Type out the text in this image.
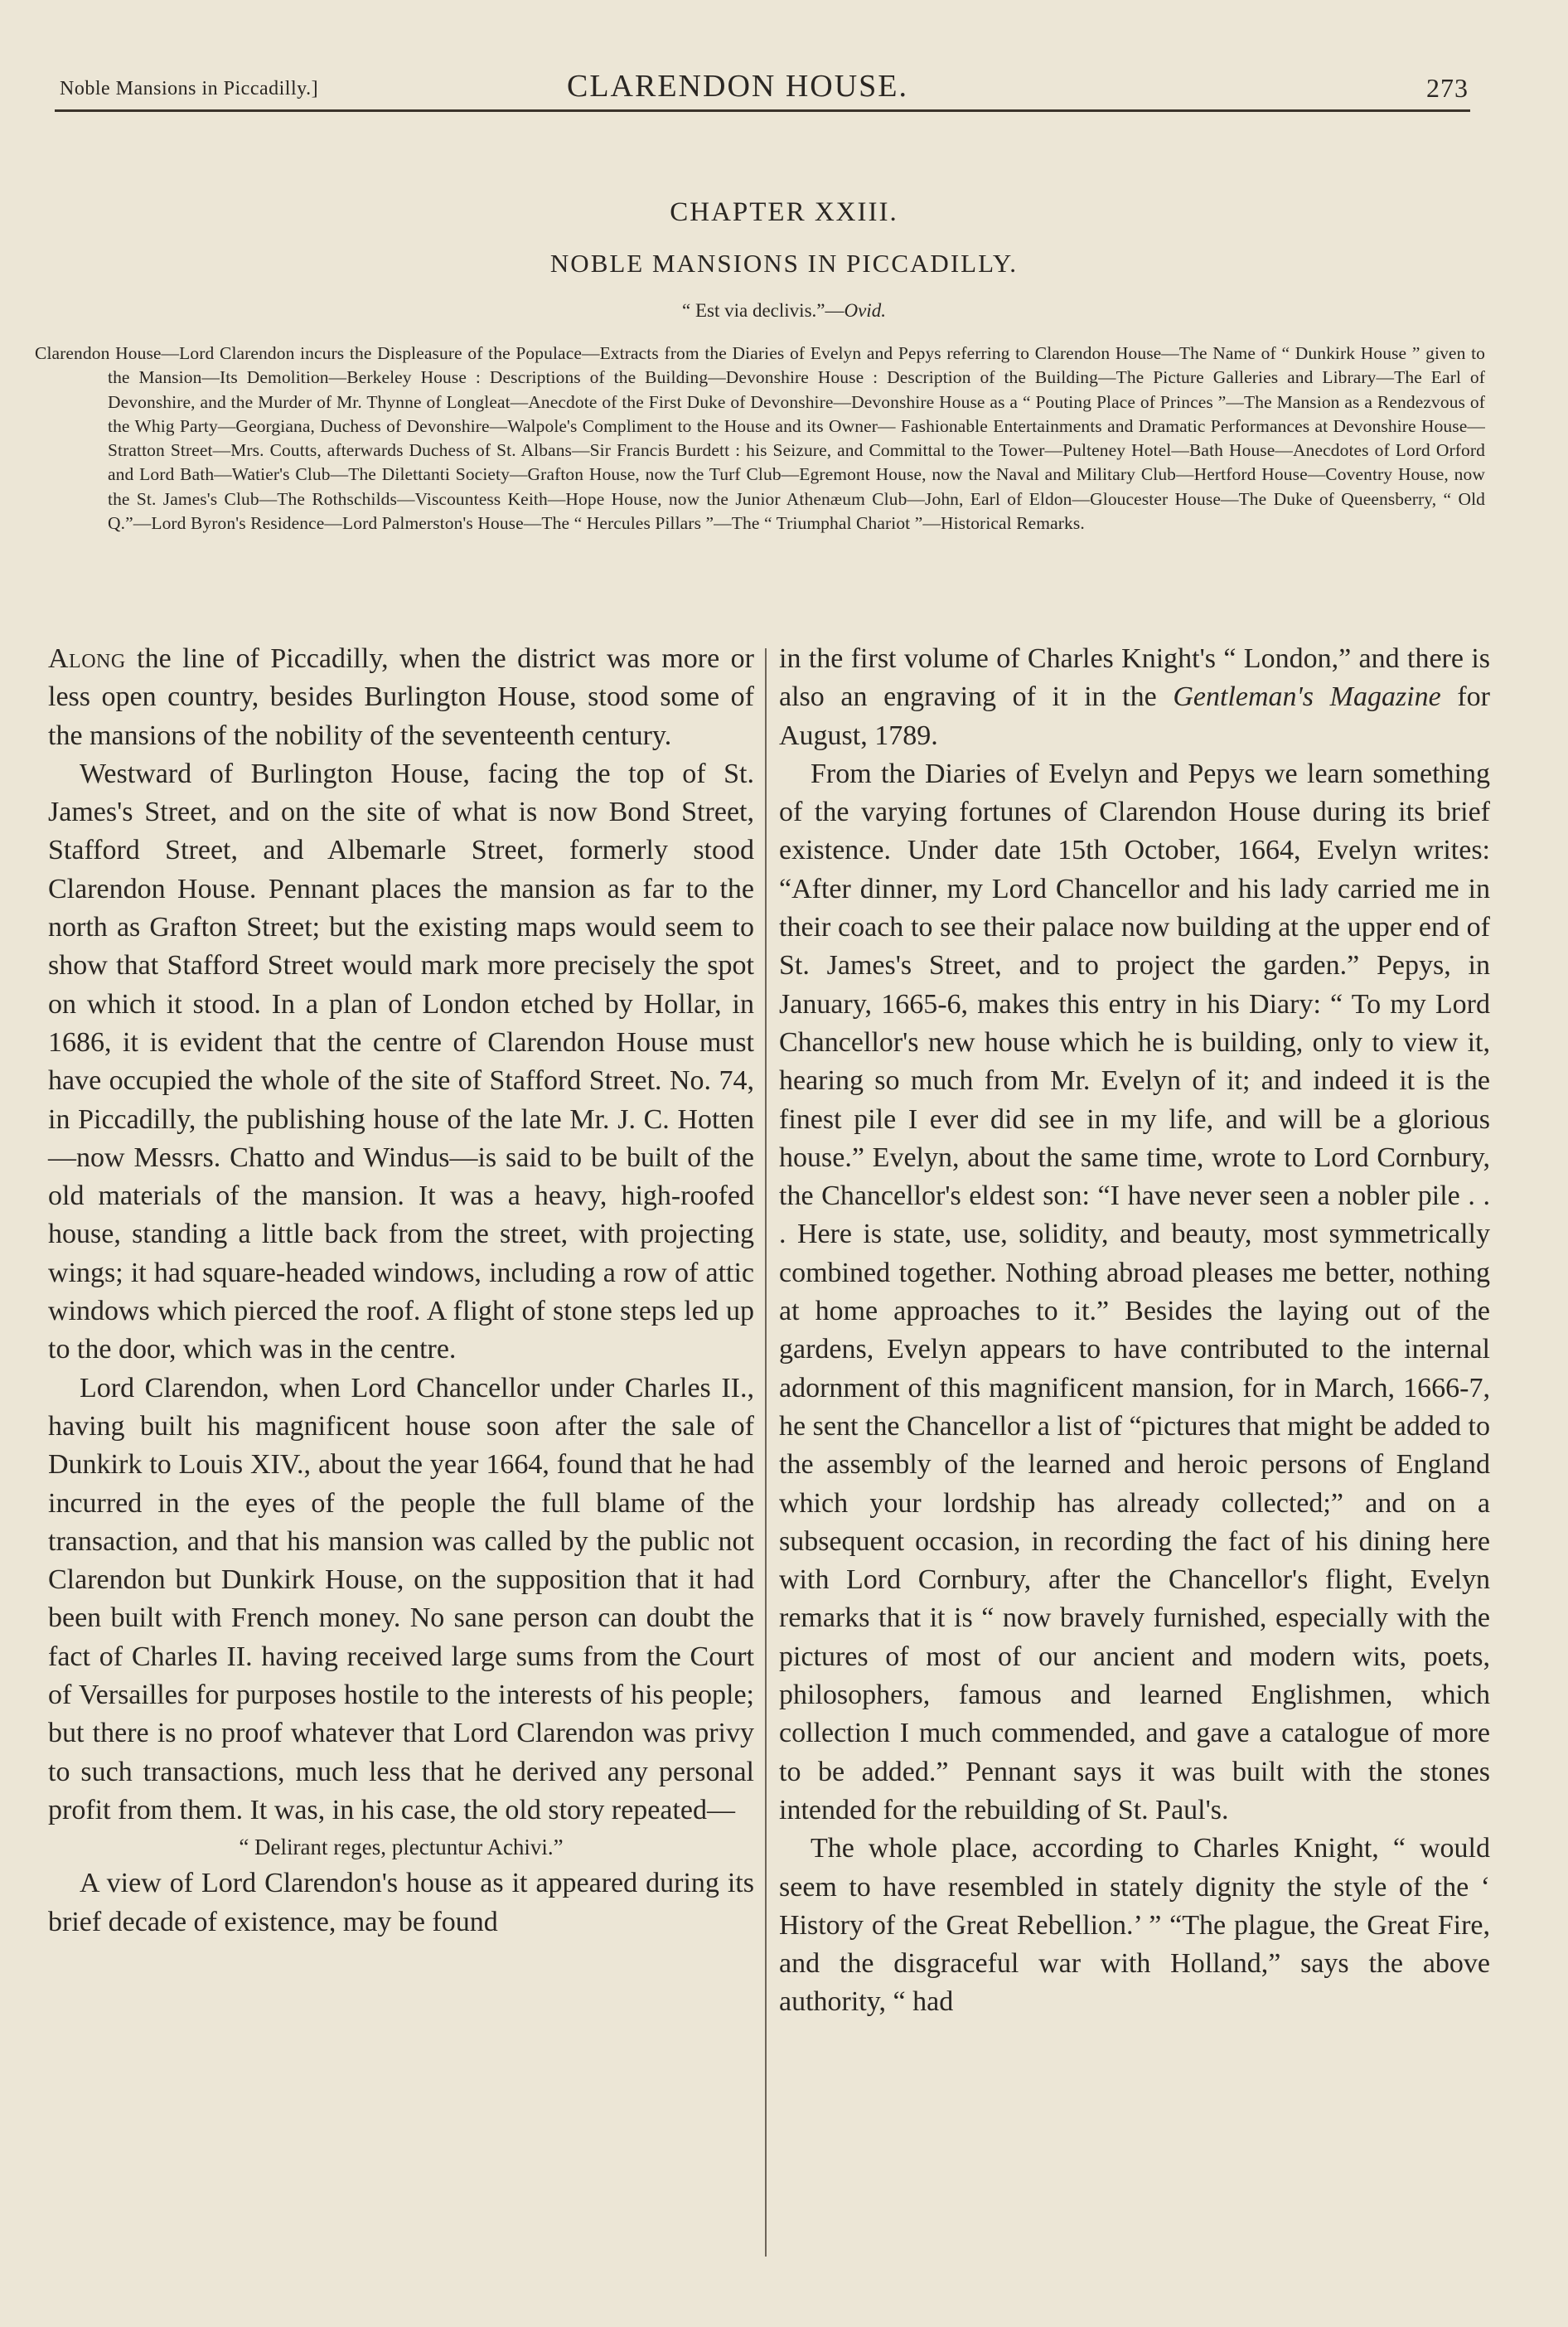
Noble Mansions in Piccadilly.]	CLARENDON HOUSE.	273
CHAPTER XXIII.
NOBLE MANSIONS IN PICCADILLY.
“ Est via declivis.”—Ovid.

Clarendon House—Lord Clarendon incurs the Displeasure of the Populace—Extracts from the Diaries of Evelyn and Pepys referring to Clarendon House—The Name of “ Dunkirk House ” given to the Mansion—Its Demolition—Berkeley House : Descriptions of the Building—Devonshire House : Description of the Building—The Picture Galleries and Library—The Earl of Devonshire, and the Murder of Mr. Thynne of Longleat—Anecdote of the First Duke of Devonshire—Devonshire House as a “ Pouting Place of Princes ”—The Mansion as a Rendezvous of the Whig Party—Georgiana, Duchess of Devonshire—Walpole's Compliment to the House and its Owner— Fashionable Entertainments and Dramatic Performances at Devonshire House—Stratton Street—Mrs. Coutts, afterwards Duchess of St. Albans—Sir Francis Burdett : his Seizure, and Committal to the Tower—Pulteney Hotel—Bath House—Anecdotes of Lord Orford and Lord Bath—Watier's Club—The Dilettanti Society—Grafton House, now the Turf Club—Egremont House, now the Naval and Military Club—Hertford House—Coventry House, now the St. James's Club—The Rothschilds—Viscountess Keith—Hope House, now the Junior Athenæum Club—John, Earl of Eldon—Gloucester House—The Duke of Queensberry, “ Old Q.”—Lord Byron's Residence—Lord Palmerston's House—The “ Hercules Pillars ”—The “ Triumphal Chariot ”—Historical Remarks.

Along the line of Piccadilly, when the district was more or less open country, besides Burlington House, stood some of the mansions of the nobility of the seventeenth century.

Westward of Burlington House, facing the top of St. James's Street, and on the site of what is now Bond Street, Stafford Street, and Albemarle Street, formerly stood Clarendon House. Pennant places the mansion as far to the north as Grafton Street; but the existing maps would seem to show that Stafford Street would mark more precisely the spot on which it stood. In a plan of London etched by Hollar, in 1686, it is evident that the centre of Clarendon House must have occupied the whole of the site of Stafford Street. No. 74, in Piccadilly, the publishing house of the late Mr. J. C. Hotten—now Messrs. Chatto and Windus—is said to be built of the old materials of the mansion. It was a heavy, high-roofed house, standing a little back from the street, with projecting wings; it had square-headed windows, including a row of attic windows which pierced the roof. A flight of stone steps led up to the door, which was in the centre.

Lord Clarendon, when Lord Chancellor under Charles II., having built his magnificent house soon after the sale of Dunkirk to Louis XIV., about the year 1664, found that he had incurred in the eyes of the people the full blame of the transaction, and that his mansion was called by the public not Clarendon but Dunkirk House, on the supposition that it had been built with French money. No sane person can doubt the fact of Charles II. having received large sums from the Court of Versailles for purposes hostile to the interests of his people; but there is no proof whatever that Lord Clarendon was privy to such transactions, much less that he derived any personal profit from them. It was, in his case, the old story repeated—

“ Delirant reges, plectuntur Achivi.”

A view of Lord Clarendon's house as it appeared during its brief decade of existence, may be found

in the first volume of Charles Knight's “ London,” and there is also an engraving of it in the Gentleman's Magazine for August, 1789.

From the Diaries of Evelyn and Pepys we learn something of the varying fortunes of Clarendon House during its brief existence. Under date 15th October, 1664, Evelyn writes: “After dinner, my Lord Chancellor and his lady carried me in their coach to see their palace now building at the upper end of St. James's Street, and to project the garden.” Pepys, in January, 1665-6, makes this entry in his Diary: “ To my Lord Chancellor's new house which he is building, only to view it, hearing so much from Mr. Evelyn of it; and indeed it is the finest pile I ever did see in my life, and will be a glorious house.” Evelyn, about the same time, wrote to Lord Cornbury, the Chancellor's eldest son: “I have never seen a nobler pile . . . Here is state, use, solidity, and beauty, most symmetrically combined together. Nothing abroad pleases me better, nothing at home approaches to it.” Besides the laying out of the gardens, Evelyn appears to have contributed to the internal adornment of this magnificent mansion, for in March, 1666-7, he sent the Chancellor a list of “pictures that might be added to the assembly of the learned and heroic persons of England which your lordship has already collected;” and on a subsequent occasion, in recording the fact of his dining here with Lord Cornbury, after the Chancellor's flight, Evelyn remarks that it is “ now bravely furnished, especially with the pictures of most of our ancient and modern wits, poets, philosophers, famous and learned Englishmen, which collection I much commended, and gave a catalogue of more to be added.” Pennant says it was built with the stones intended for the rebuilding of St. Paul's.

The whole place, according to Charles Knight, “ would seem to have resembled in stately dignity the style of the ‘ History of the Great Rebellion.’ ” “The plague, the Great Fire, and the disgraceful war with Holland,” says the above authority, “ had
